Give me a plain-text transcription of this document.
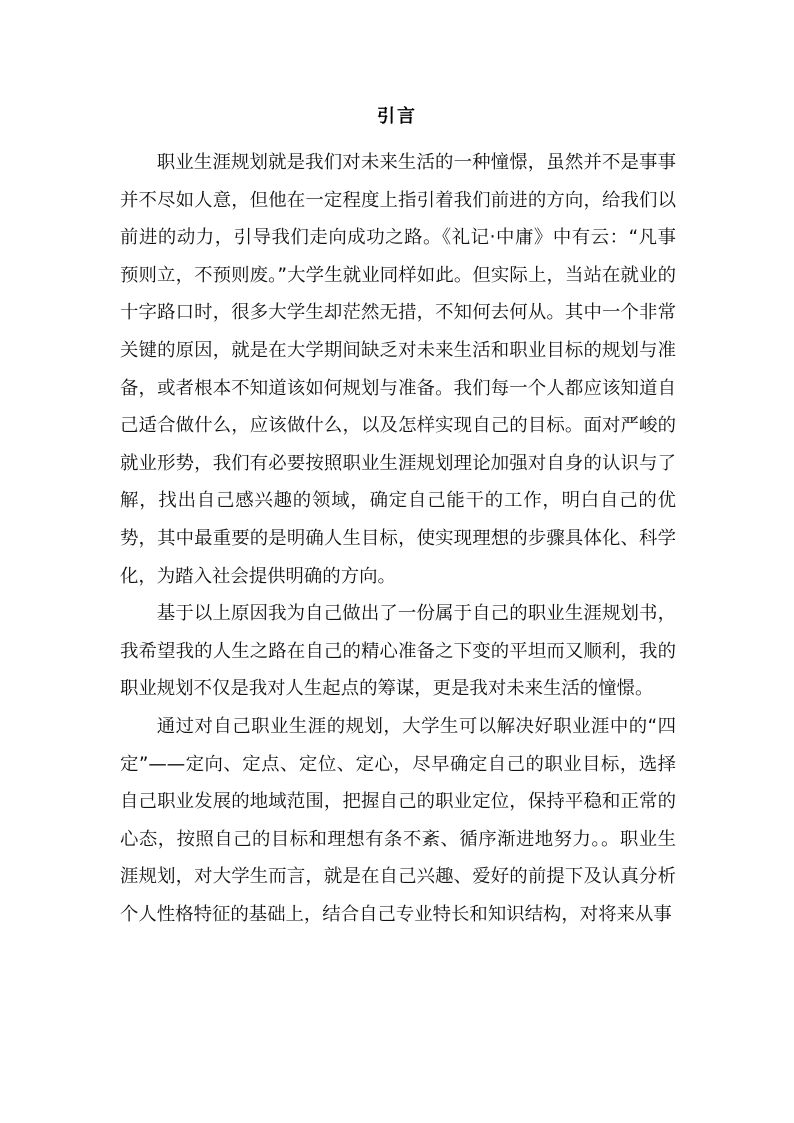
引言

职业生涯规划就是我们对未来生活的一种憧憬，虽然并不是事事并不尽如人意，但他在一定程度上指引着我们前进的方向，给我们以前进的动力，引导我们走向成功之路。《礼记·中庸》中有云：“凡事预则立，不预则废。”大学生就业同样如此。但实际上，当站在就业的十字路口时，很多大学生却茫然无措，不知何去何从。其中一个非常关键的原因，就是在大学期间缺乏对未来生活和职业目标的规划与准备，或者根本不知道该如何规划与准备。我们每一个人都应该知道自己适合做什么，应该做什么，以及怎样实现自己的目标。面对严峻的就业形势，我们有必要按照职业生涯规划理论加强对自身的认识与了解，找出自己感兴趣的领域，确定自己能干的工作，明白自己的优势，其中最重要的是明确人生目标，使实现理想的步骤具体化、科学化，为踏入社会提供明确的方向。

基于以上原因我为自己做出了一份属于自己的职业生涯规划书，我希望我的人生之路在自己的精心准备之下变的平坦而又顺利，我的职业规划不仅是我对人生起点的筹谋，更是我对未来生活的憧憬。

通过对自己职业生涯的规划，大学生可以解决好职业涯中的“四定”——定向、定点、定位、定心，尽早确定自己的职业目标，选择自己职业发展的地域范围，把握自己的职业定位，保持平稳和正常的心态，按照自己的目标和理想有条不紊、循序渐进地努力。。职业生涯规划，对大学生而言，就是在自己兴趣、爱好的前提下及认真分析个人性格特征的基础上，结合自己专业特长和知识结构，对将来从事
